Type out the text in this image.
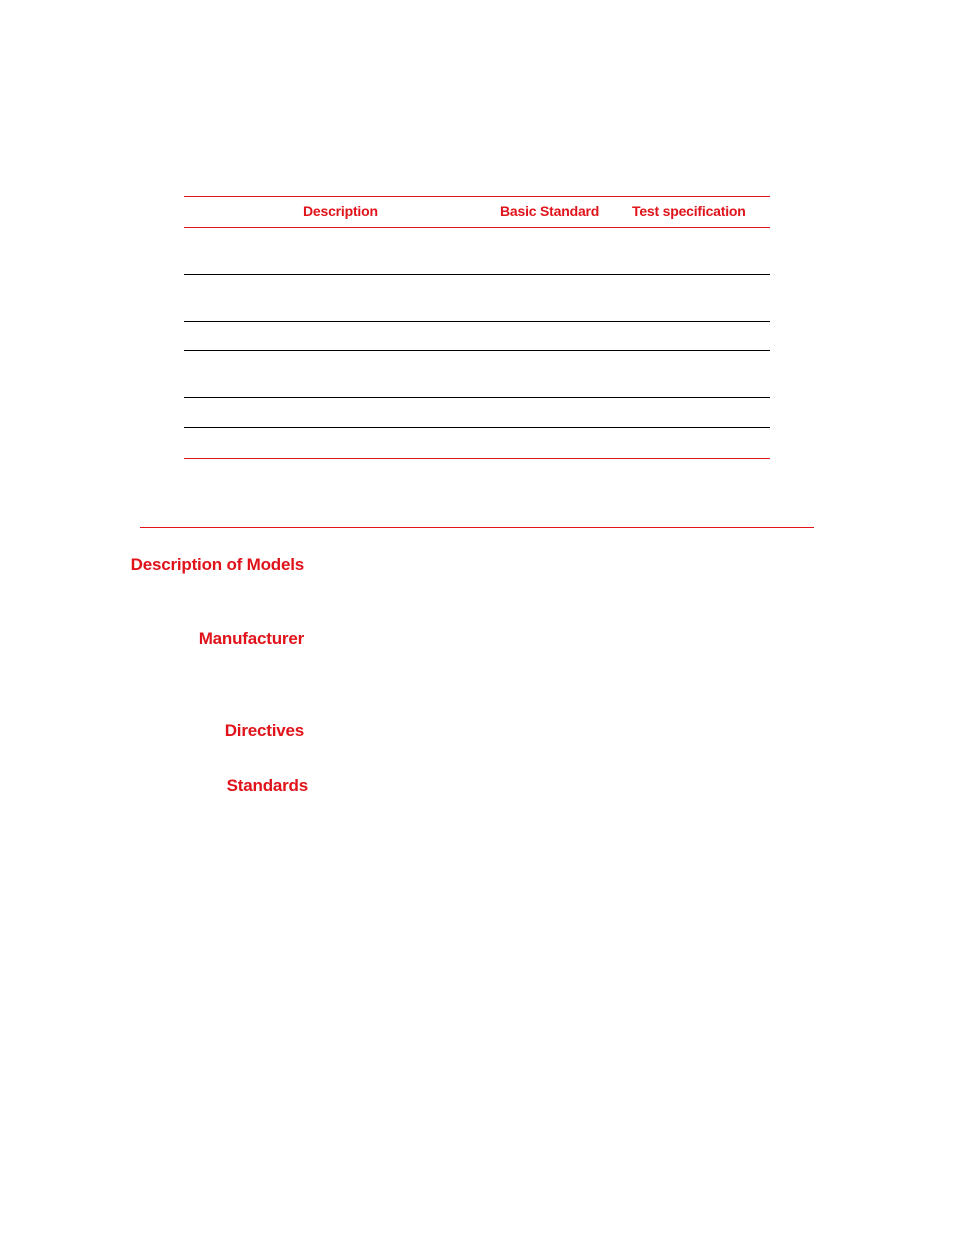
Description	Basic Standard Test specification
Description of Models
Manufacturer
Directives
Standards
